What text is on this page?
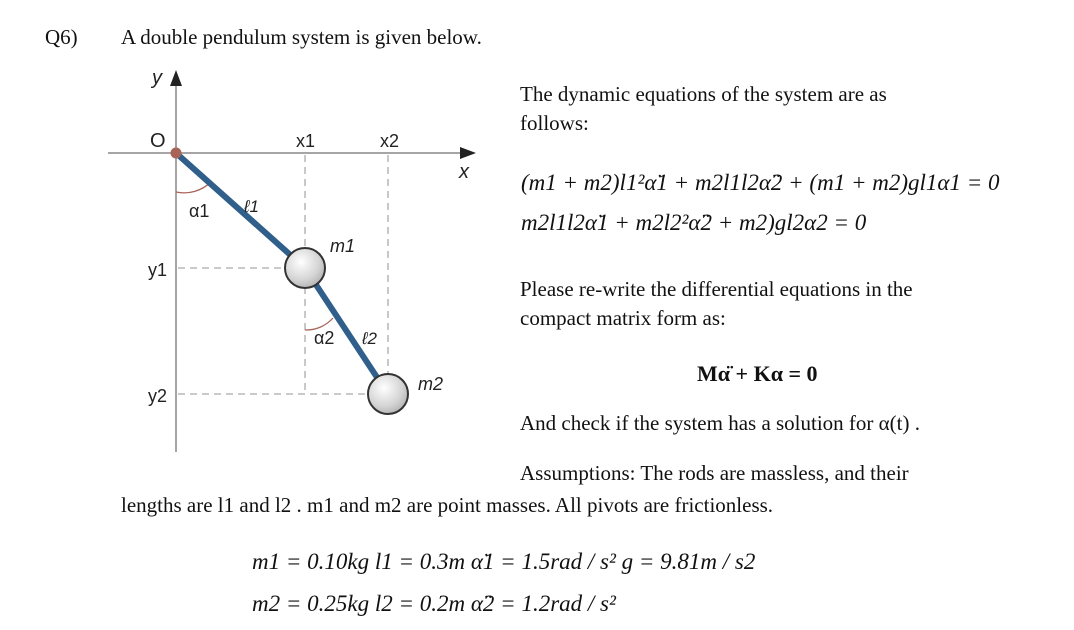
Q6) A double pendulum system is given below.
y
x
O	x1	x2
y1
y2
α1
α2
ℓ1
ℓ2
m1
m2
The dynamic equations of the system are as
follows:
(m1 + m2)l1²α̈1 + m2l1l2α̈2 + (m1 + m2)gl1α1 = 0
m2l1l2α̈1 + m2l2²α̈2 + m2)gl2α2 = 0
Please re-write the differential equations in the
compact matrix form as:
Mα̈ + Kα = 0
And check if the system has a solution for α(t) .
Assumptions: The rods are massless, and their
lengths are l1 and l2 . m1 and m2 are point masses. All pivots are frictionless.
m1 = 0.10kg l1 = 0.3m α̈1 = 1.5rad / s² g = 9.81m / s2
m2 = 0.25kg l2 = 0.2m α̈2 = 1.2rad / s²
